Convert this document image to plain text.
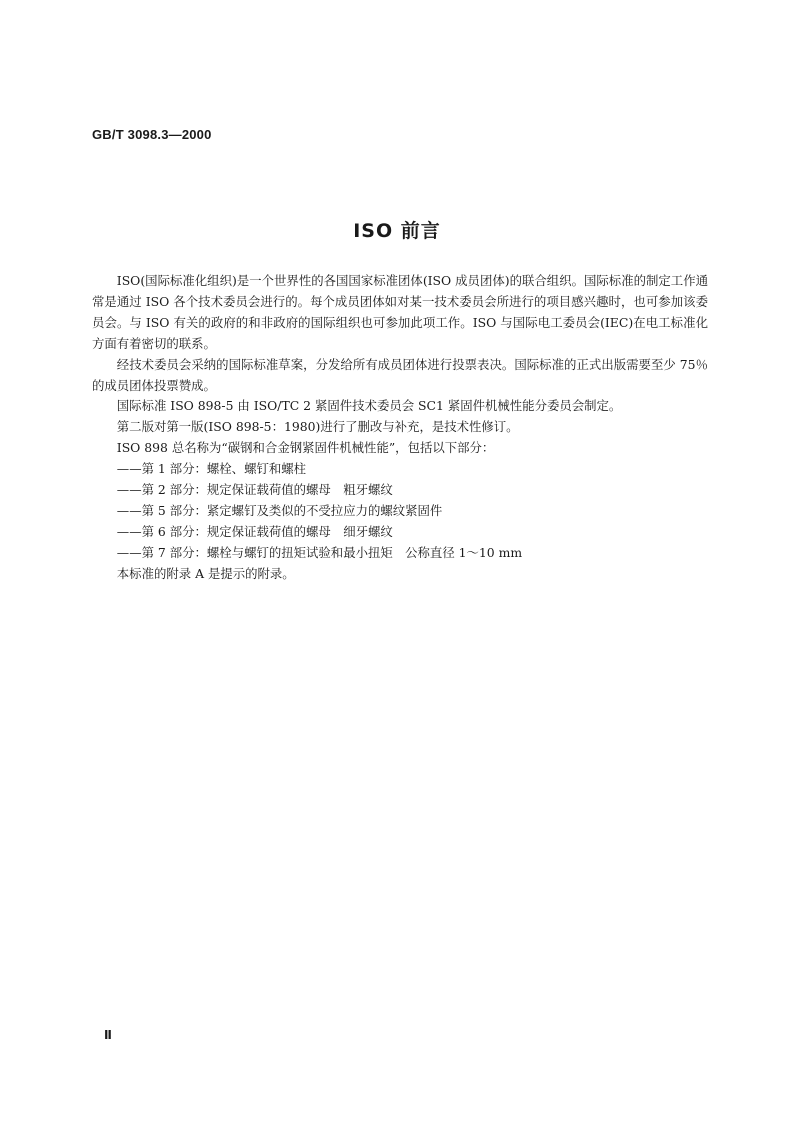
GB/T 3098.3—2000
ISO 前言

ISO(国际标准化组织)是一个世界性的各国国家标准团体(ISO 成员团体)的联合组织。国际标准的制定工作通常是通过 ISO 各个技术委员会进行的。每个成员团体如对某一技术委员会所进行的项目感兴趣时，也可参加该委员会。与 ISO 有关的政府的和非政府的国际组织也可参加此项工作。ISO 与国际电工委员会(IEC)在电工标准化方面有着密切的联系。

经技术委员会采纳的国际标准草案，分发给所有成员团体进行投票表决。国际标准的正式出版需要至少 75％的成员团体投票赞成。

国际标准 ISO 898-5 由 ISO/TC 2 紧固件技术委员会 SC1 紧固件机械性能分委员会制定。

第二版对第一版(ISO 898-5：1980)进行了删改与补充，是技术性修订。

ISO 898 总名称为“碳钢和合金钢紧固件机械性能”，包括以下部分：

——第 1 部分：螺栓、螺钉和螺柱

——第 2 部分：规定保证载荷值的螺母　粗牙螺纹

——第 5 部分：紧定螺钉及类似的不受拉应力的螺纹紧固件

——第 6 部分：规定保证载荷值的螺母　细牙螺纹

——第 7 部分：螺栓与螺钉的扭矩试验和最小扭矩　公称直径 1～10 mm

本标准的附录 A 是提示的附录。

Ⅱ
